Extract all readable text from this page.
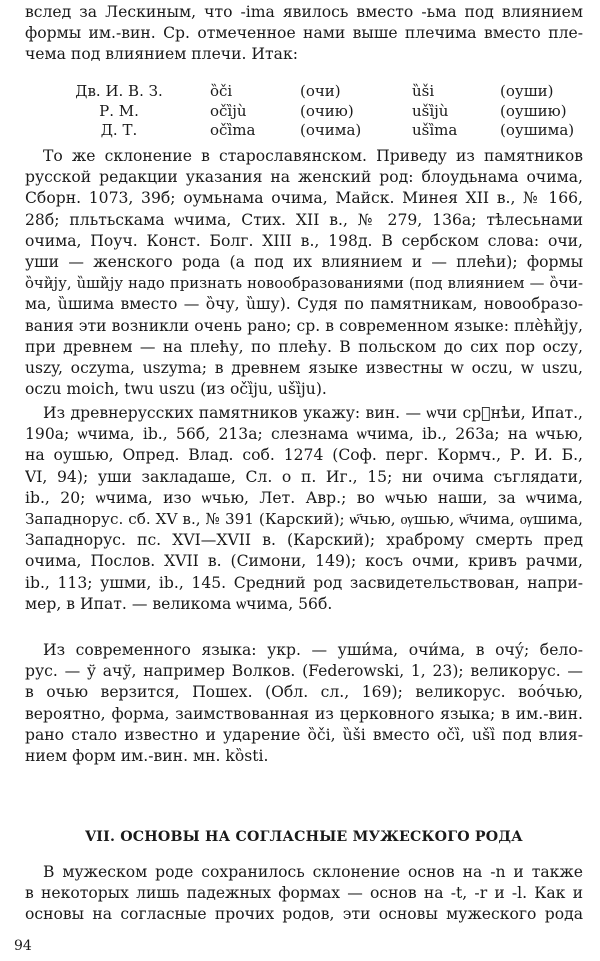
вслед за Лескиным, что -ima явилось вместо -ьма под влиянием
формы им.-вин. Ср. отмеченное нами выше плечима вместо пле-
чема под влиянием плечи. Итак:
Дв. И. В. З.	ȍči	(очи)	ȕši	(оуши)
Р. М.	očȉjù	(очию)	ušȉjù	(оушию)
Д. Т.	očȉma	(очима)	ušȉma	(оушима)
То же склонение в старославянском. Приведу из памятников
русской редакции указания на женский род: блоудьнама очима,
Сборн. 1073, 39б; оумьнама очима, Майск. Минея XII в., № 166,
28б; пльтьскама ѡчима, Стих. XII в., № 279, 136а; тѣлесьнами
очима, Поуч. Конст. Болг. XIII в., 198д. В сербском слова: очи,
уши — женского рода (а под их влиянием и — плећи); формы
ȍчи̏ју, ȕши̏ју надо признать новообразованиями (под влиянием — ȍчи-
ма, ȕшима вместо — ȍчу, ȕшу). Судя по памятникам, новообразо-
вания эти возникли очень рано; ср. в современном языке: плѐћи̏ју,
при древнем — на плећу, по плећу. В польском до сих пор oczу,
uszy, oczyma, uszyma; в древнем языке известны w oczu, w uszu,
oczu moich, twu uszu (из očȉju, ušȉju).
Из древнерусских памятников укажу: вин. — ѡчи срⷱнѣи, Ипат.,
190а; ѡчима, ib., 56б, 213а; слезнама ѡчима, ib., 263а; на ѡчью,
на оушью, Опред. Влад. соб. 1274 (Соф. перг. Кормч., Р. И. Б.,
VI, 94); уши закладаше, Сл. о п. Иг., 15; ни очима съглядати,
ib., 20; ѡчима, изо ѡчью, Лет. Авр.; во ѡчью наши, за ѡчима,
Западнорус. сб. XV в., № 391 (Карский); ѡ҃чью, ѹшью, ѡ҃чима, ѹшима,
Западнорус. пс. XVI—XVII в. (Карский); храброму смерть пред
очима, Послов. XVII в. (Симони, 149); косъ очми, кривъ рачми,
ib., 113; ушми, ib., 145. Средний род засвидетельствован, напри-
мер, в Ипат. — великома ѡчима, 56б.
Из современного языка: укр. — уши́ма, очи́ма, в очу́; бело-
рус. — ў ачў, например Волков. (Federowski, 1, 23); великорус. —
в очью верзится, Пошех. (Обл. сл., 169); великорус. воо́чью,
вероятно, форма, заимствованная из церковного языка; в им.-вин.
рано стало известно и ударение ȍči, ȕši вместо očȉ, ušȉ под влия-
нием форм им.-вин. мн. kȍsti.
VII. ОСНОВЫ НА СОГЛАСНЫЕ МУЖЕСКОГО РОДА
В мужеском роде сохранилось склонение основ на -n и также
в некоторых лишь падежных формах — основ на -t, -r и -l. Как и
основы на согласные прочих родов, эти основы мужеского рода
94
